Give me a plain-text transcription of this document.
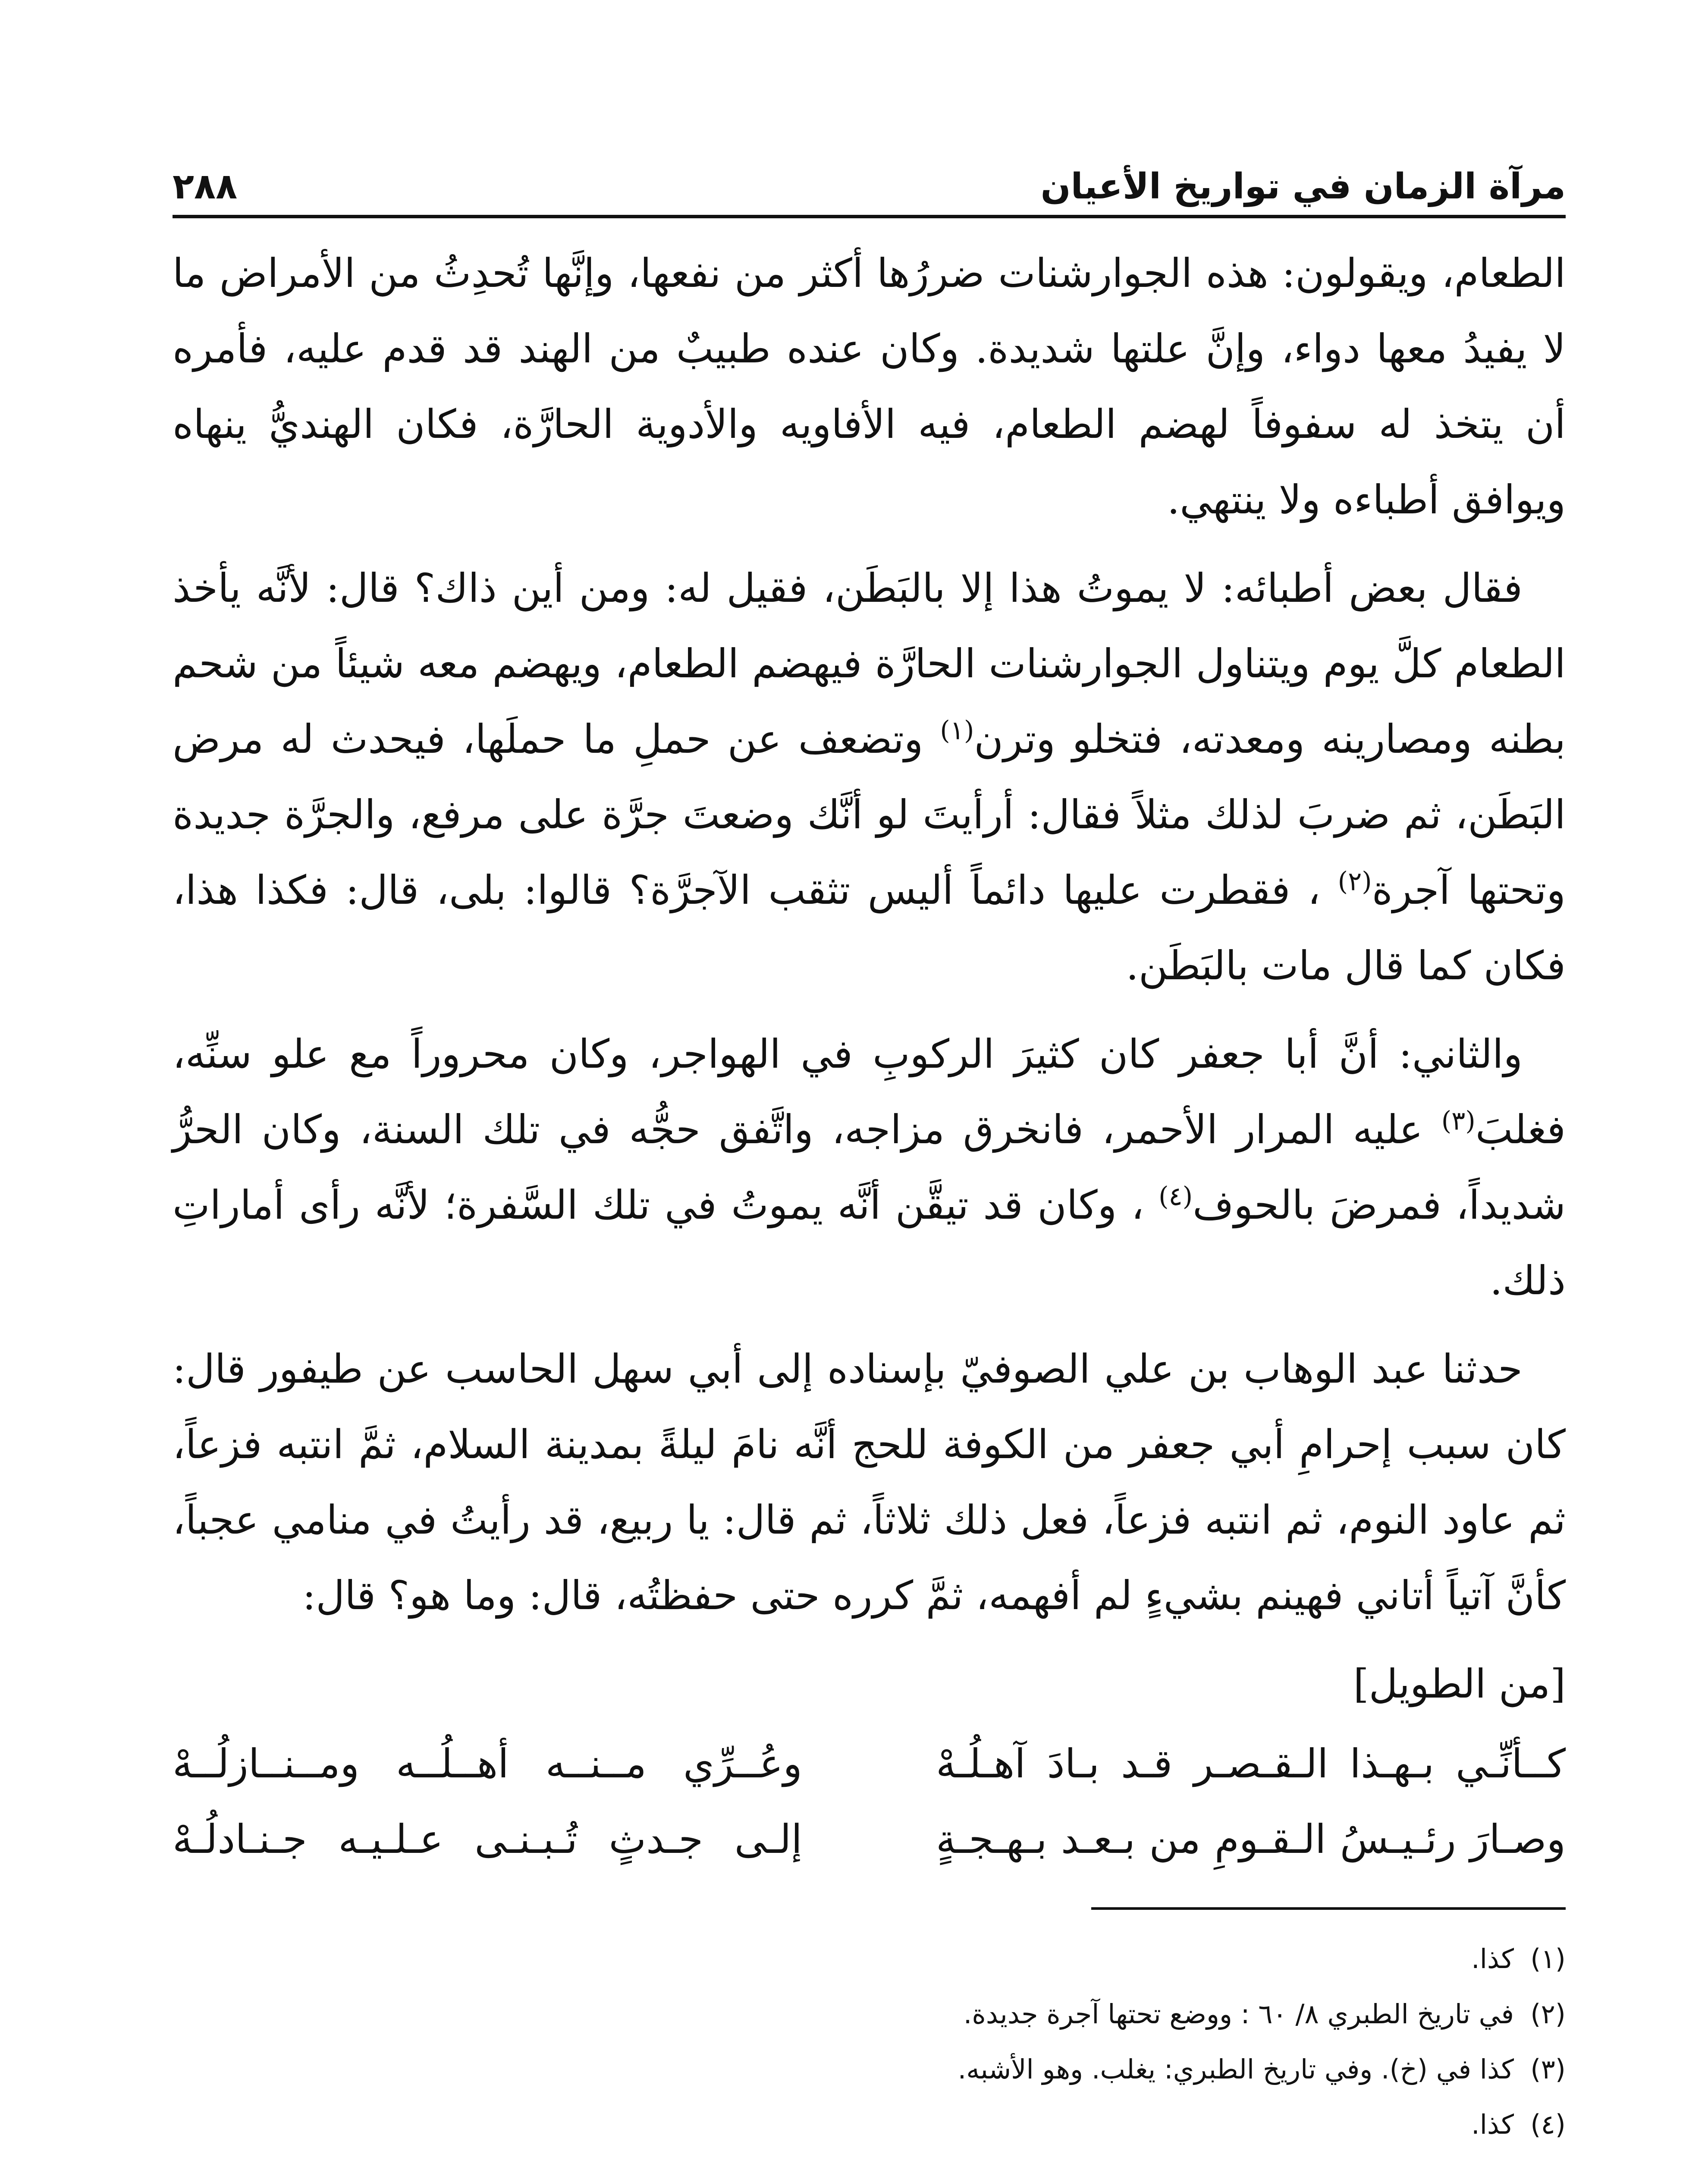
مرآة الزمان في تواريخ الأعيان
٢٨٨

الطعام، ويقولون: هذه الجوارشنات ضررُها أكثر من نفعها، وإنَّها تُحدِثُ من الأمراض ما لا يفيدُ معها دواء، وإنَّ علتها شديدة. وكان عنده طبيبٌ من الهند قد قدم عليه، فأمره أن يتخذ له سفوفاً لهضم الطعام، فيه الأفاويه والأدوية الحارَّة، فكان الهنديُّ ينهاه ويوافق أطباءه ولا ينتهي.

فقال بعض أطبائه: لا يموتُ هذا إلا بالبَطَن، فقيل له: ومن أين ذاك؟ قال: لأنَّه يأخذ الطعام كلَّ يوم ويتناول الجوارشنات الحارَّة فيهضم الطعام، ويهضم معه شيئاً من شحم بطنه ومصارينه ومعدته، فتخلو وترن$^{(١)}$ وتضعف عن حملِ ما حملَها، فيحدث له مرض البَطَن، ثم ضربَ لذلك مثلاً فقال: أرأيتَ لو أنَّك وضعتَ جرَّة على مرفع، والجرَّة جديدة وتحتها آجرة$^{(٢)}$ ، فقطرت عليها دائماً أليس تثقب الآجرَّة؟ قالوا: بلى، قال: فكذا هذا، فكان كما قال مات بالبَطَن.

والثاني: أنَّ أبا جعفر كان كثيرَ الركوبِ في الهواجر، وكان محروراً مع علو سنِّه، فغلبَ$^{(٣)}$ عليه المرار الأحمر، فانخرق مزاجه، واتَّفق حجُّه في تلك السنة، وكان الحرُّ شديداً، فمرضَ بالحوف$^{(٤)}$ ، وكان قد تيقَّن أنَّه يموتُ في تلك السَّفرة؛ لأنَّه رأى أماراتِ ذلك.

حدثنا عبد الوهاب بن علي الصوفيّ بإسناده إلى أبي سهل الحاسب عن طيفور قال: كان سبب إحرامِ أبي جعفر من الكوفة للحج أنَّه نامَ ليلةً بمدينة السلام، ثمَّ انتبه فزعاً، ثم عاود النوم، ثم انتبه فزعاً، فعل ذلك ثلاثاً، ثم قال: يا ربيع، قد رأيتُ في منامي عجباً، كأنَّ آتياً أتاني فهينم بشيءٍ لم أفهمه، ثمَّ كرره حتى حفظتُه، قال: وما هو؟ قال:

[من الطويل]

كــأنِّـي بـهـذا الـقـصـر قـد بـادَ آهـلُـهْ
وعُــرِّي مــنــه أهــلُــه ومــنــازلُــهْ
وصـارَ رئـيـسُ الـقـومِ من بـعـد بـهـجـةٍ
إلـى جـدثٍ تُـبـنـى عـلـيـه جـنـادلُـهْ
(١)
كذا.
(٢)
في تاريخ الطبري ٨/ ٦٠ : ووضع تحتها آجرة جديدة.
(٣)
كذا في (خ). وفي تاريخ الطبري: يغلب. وهو الأشبه.
(٤)
كذا.
